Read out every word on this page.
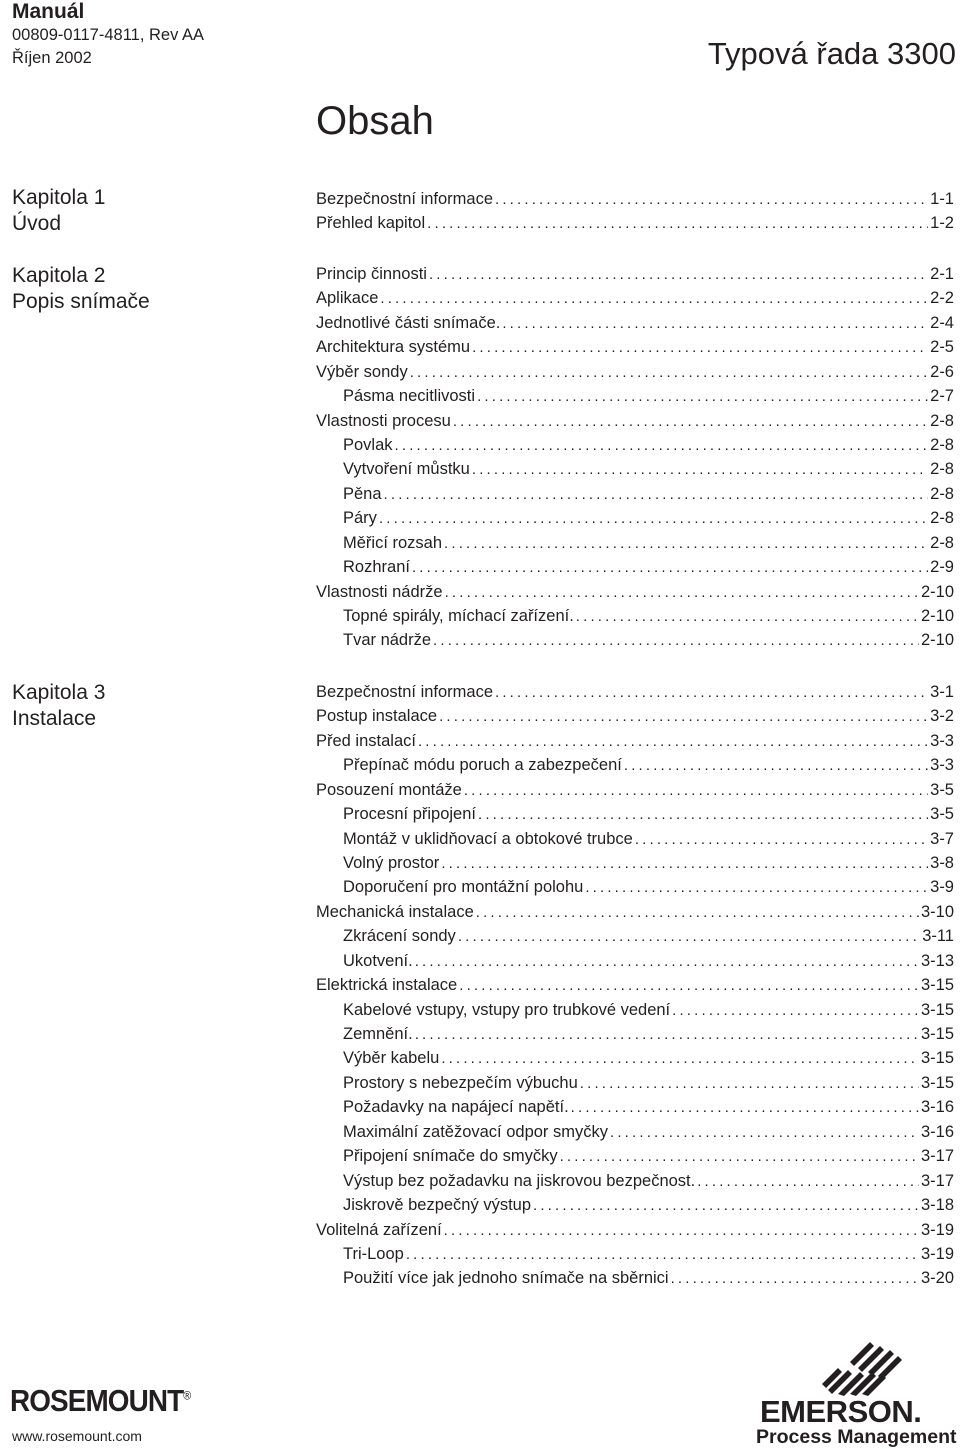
Manuál
00809-0117-4811, Rev AA
Říjen 2002	Typová řada 3300
Obsah
Kapitola 1
Úvod
Kapitola 2
Popis snímače
Kapitola 3
Instalace
Bezpečnostní informace . . .	1-1
Přehled kapitol . . .	1-2
Princip činnosti . . .	2-1
Aplikace . . .	2-2
Jednotlivé části snímače. . . .	2-4
Architektura systému . . .	2-5
Výběr sondy . . .	2-6
Pásma necitlivosti . . .	2-7
Vlastnosti procesu . . .	2-8
Povlak . . .	2-8
Vytvoření můstku . . .	2-8
Pěna . . .	2-8
Páry . . .	2-8
Měřicí rozsah . . .	2-8
Rozhraní . . .	2-9
Vlastnosti nádrže . . .	2-10
Topné spirály, míchací zařízení. . . .	2-10
Tvar nádrže . . .	2-10
Bezpečnostní informace . . .	3-1
Postup instalace . . .	3-2
Před instalací . . .	3-3
Přepínač módu poruch a zabezpečení . . .	3-3
Posouzení montáže . . .	3-5
Procesní připojení . . .	3-5
Montáž v uklidňovací a obtokové trubce . . .	3-7
Volný prostor . . .	3-8
Doporučení pro montážní polohu . . .	3-9
Mechanická instalace . . .	3-10
Zkrácení sondy . . .	3-11
Ukotvení. . . .	3-13
Elektrická instalace . . .	3-15
Kabelové vstupy, vstupy pro trubkové vedení . . .	3-15
Zemnění. . . .	3-15
Výběr kabelu . . .	3-15
Prostory s nebezpečím výbuchu . . .	3-15
Požadavky na napájecí napětí. . . .	3-16
Maximální zatěžovací odpor smyčky . . .	3-16
Připojení snímače do smyčky . . .	3-17
Výstup bez požadavku na jiskrovou bezpečnost. . . .	3-17
Jiskrově bezpečný výstup . . .	3-18
Volitelná zařízení . . .	3-19
Tri-Loop . . .	3-19
Použití více jak jednoho snímače na sběrnici . . .	3-20
ROSEMOUNT®
www.rosemount.com
EMERSON.
Process Management
